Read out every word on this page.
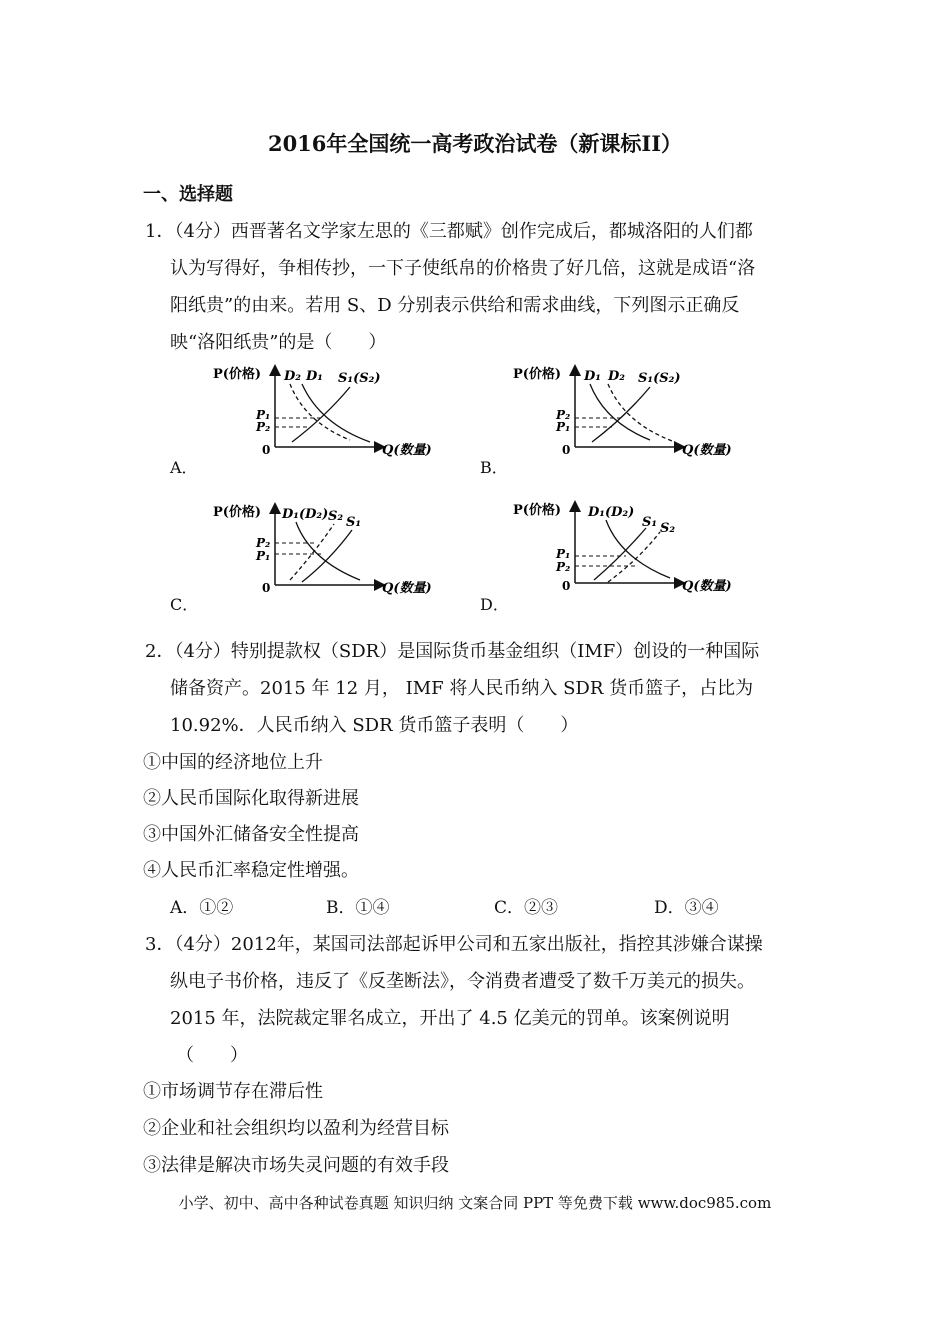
2016年全国统一高考政治试卷（新课标II）
一、选择题
1．（4分）西晋著名文学家左思的《三都赋》创作完成后，都城洛阳的人们都
认为写得好，争相传抄，一下子使纸帛的价格贵了好几倍，这就是成语“洛
阳纸贵”的由来。若用 S、D 分别表示供给和需求曲线，下列图示正确反
映“洛阳纸贵”的是（　　）
A．
P(价格)
Q(数量)
0
D₂ D₁ S₁(S₂)
P₁
P₂
B．
P(价格)
Q(数量)
0
D₁ D₂ S₁(S₂)
P₂
P₁
C．
P(价格)
Q(数量)
0
D₁(D₂) S₂ S₁
P₂
P₁
D．
P(价格)
Q(数量)
0
D₁(D₂)
S₁ S₂
P₁
P₂
2．（4分）特别提款权（SDR）是国际货币基金组织（IMF）创设的一种国际
储备资产。2015 年 12 月， IMF 将人民币纳入 SDR 货币篮子，占比为
10.92%．人民币纳入 SDR 货币篮子表明（　　）
①中国的经济地位上升
②人民币国际化取得新进展
③中国外汇储备安全性提高
④人民币汇率稳定性增强。
A．①②	B．①④	C．②③	D．③④
3．（4分）2012年，某国司法部起诉甲公司和五家出版社，指控其涉嫌合谋操
纵电子书价格，违反了《反垄断法》，令消费者遭受了数千万美元的损失。
2015 年，法院裁定罪名成立，开出了 4.5 亿美元的罚单。该案例说明
（　　）
①市场调节存在滞后性
②企业和社会组织均以盈利为经营目标
③法律是解决市场失灵问题的有效手段
小学、初中、高中各种试卷真题 知识归纳 文案合同 PPT 等免费下载 www.doc985.com
